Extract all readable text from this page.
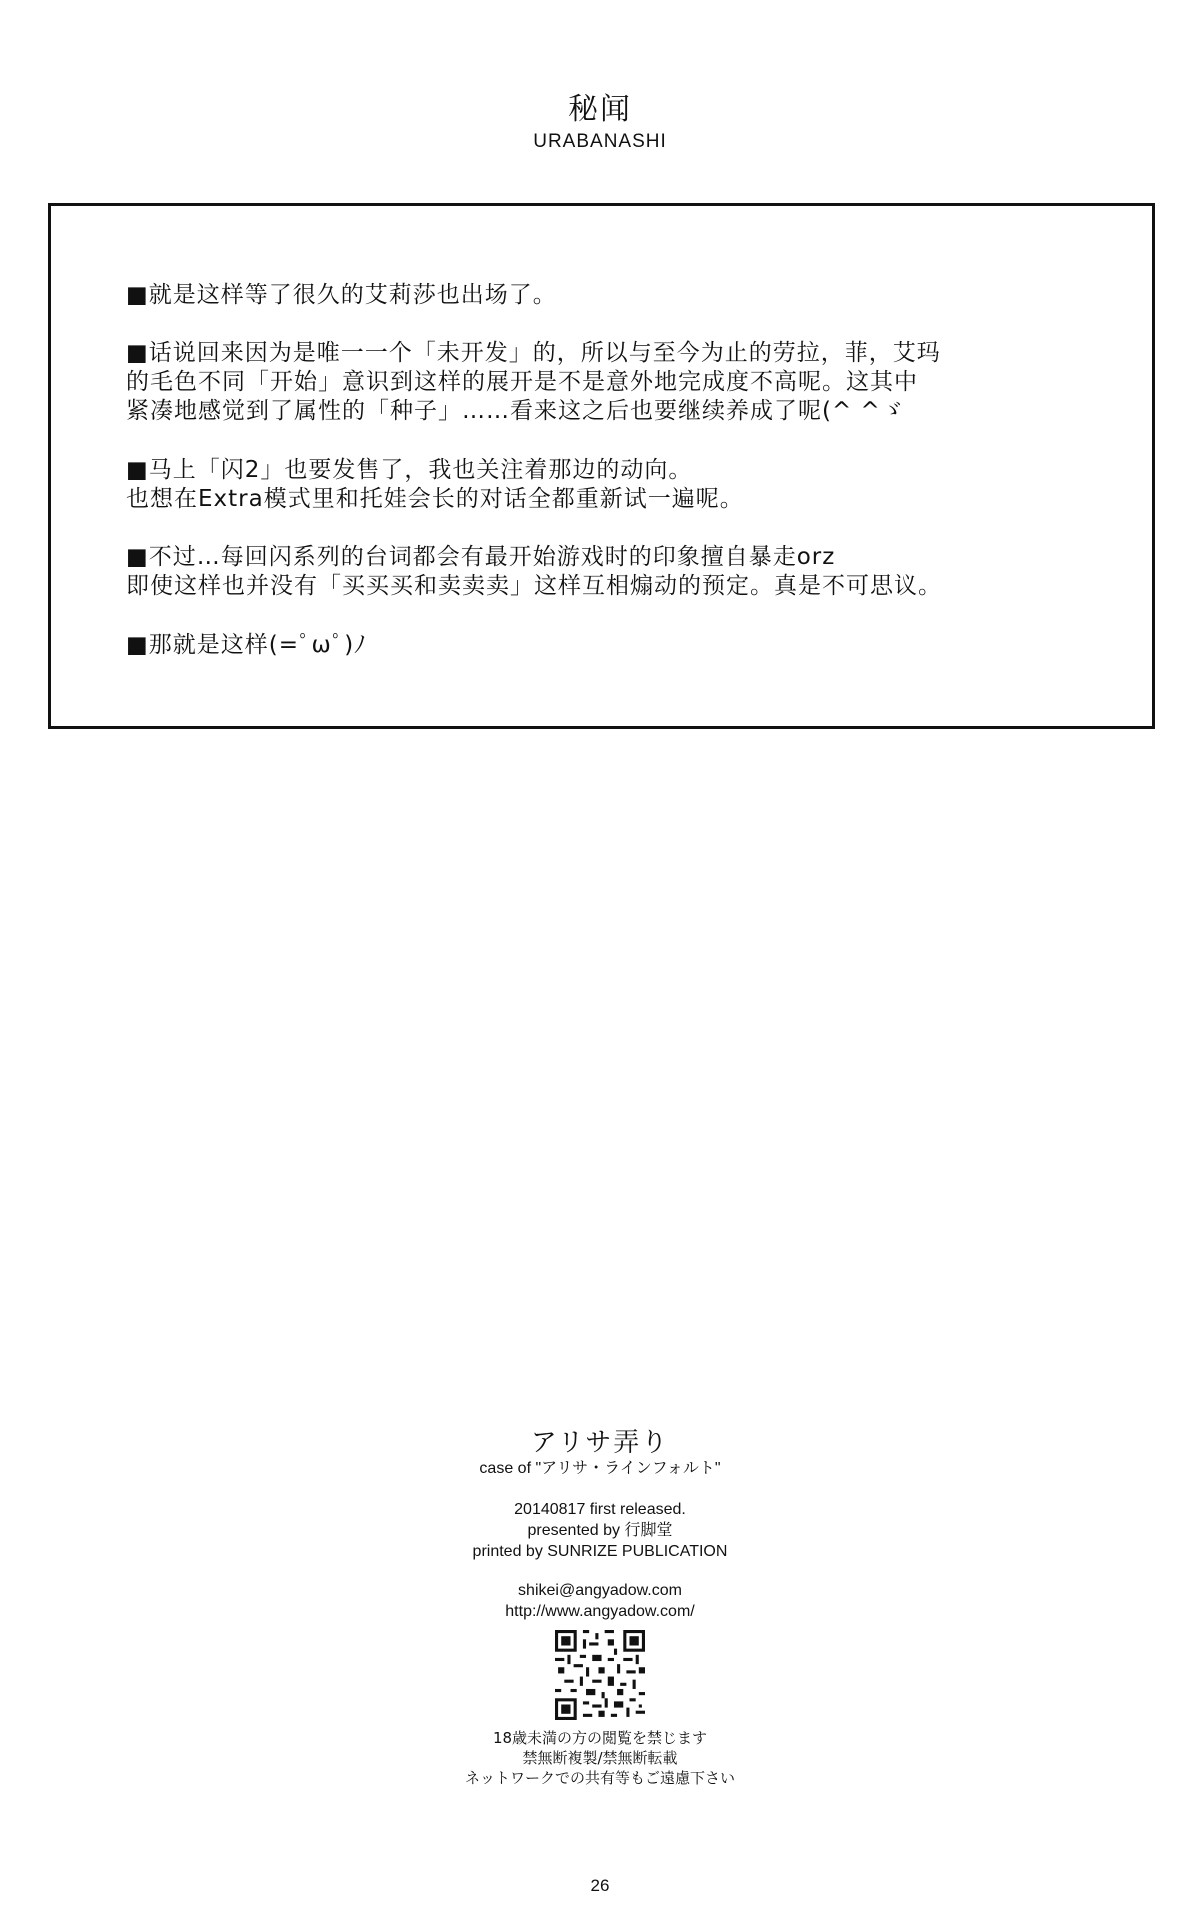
秘闻
URABANASHI
■就是这样等了很久的艾莉莎也出场了。
■话说回来因为是唯一一个「未开发」的，所以与至今为止的劳拉，菲，艾玛
的毛色不同「开始」意识到这样的展开是不是意外地完成度不高呢。这其中
紧凑地感觉到了属性的「种子」……看来这之后也要继续养成了呢(^ ^ゞ
■马上「闪2」也要发售了，我也关注着那边的动向。
也想在Extra模式里和托娃会长的对话全都重新试一遍呢。
■不过…每回闪系列的台词都会有最开始游戏时的印象擅自暴走orz
即使这样也并没有「买买买和卖卖卖」这样互相煽动的预定。真是不可思议。
■那就是这样(=ﾟωﾟ)ﾉ
アリサ弄り
case of "アリサ・ラインフォルト"
20140817 first released.
presented by 行脚堂
printed by SUNRIZE PUBLICATION
shikei@angyadow.com
http://www.angyadow.com/
18歳未満の方の閲覧を禁じます
禁無断複製/禁無断転載
ネットワークでの共有等もご遠慮下さい
26
